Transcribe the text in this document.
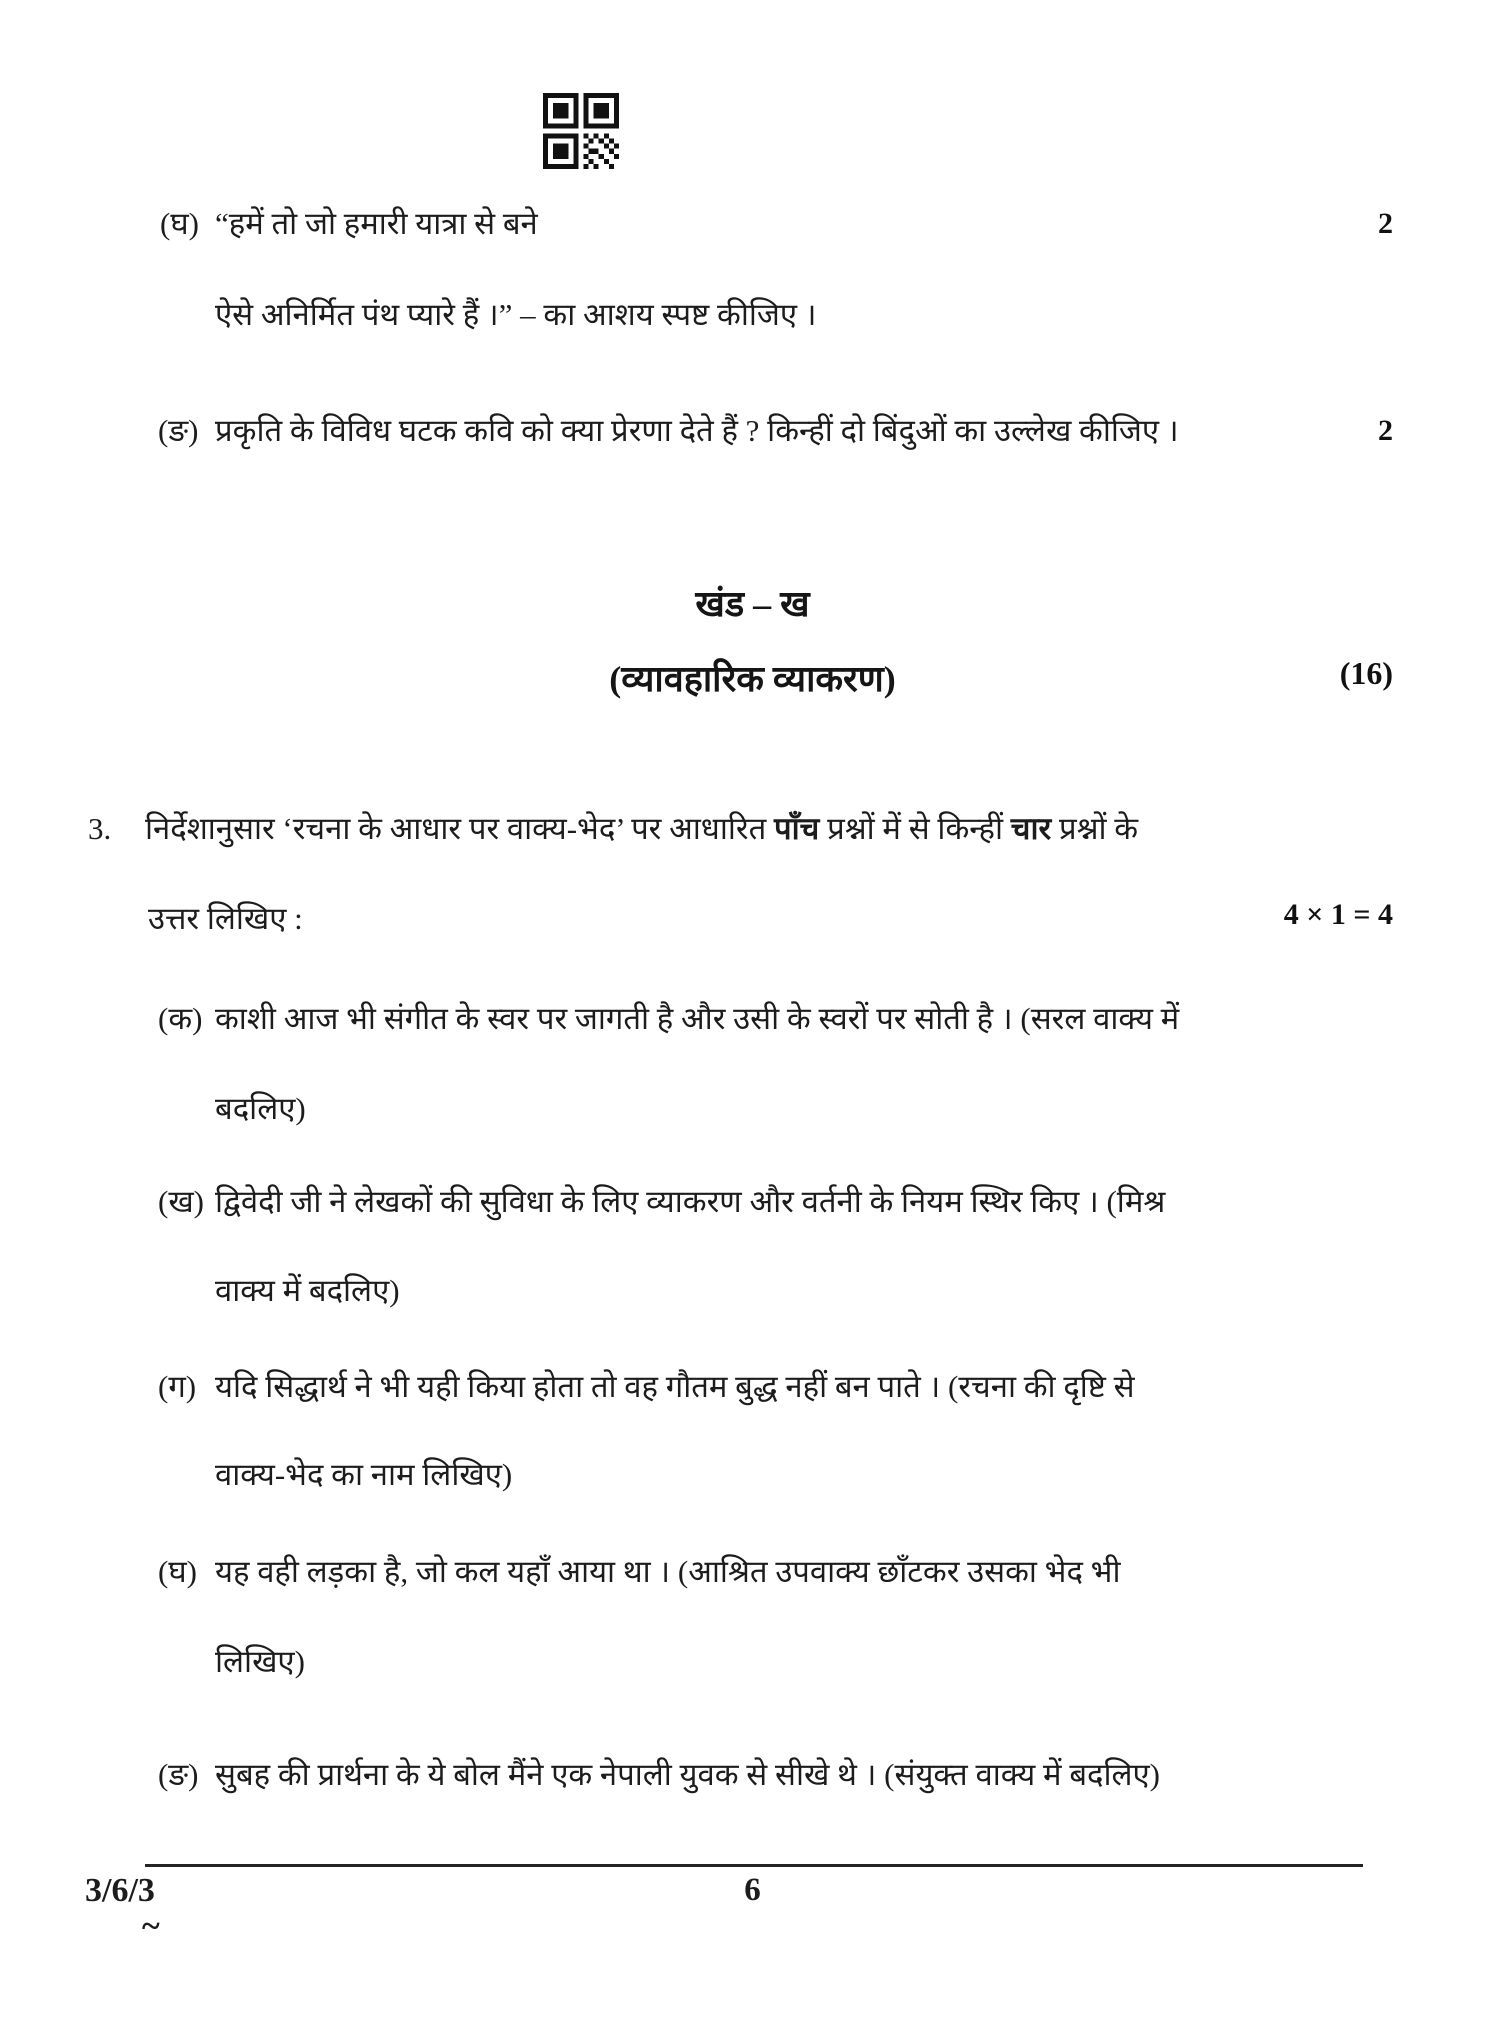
(घ) “हमें तो जो हमारी यात्रा से बने	2
ऐसे अनिर्मित पंथ प्यारे हैं ।” – का आशय स्पष्ट कीजिए ।
(ङ) प्रकृति के विविध घटक कवि को क्या प्रेरणा देते हैं ? किन्हीं दो बिंदुओं का उल्लेख कीजिए ।	2
खंड – ख
(व्यावहारिक व्याकरण)	(16)
3. निर्देशानुसार ‘रचना के आधार पर वाक्य-भेद’ पर आधारित पाँच प्रश्नों में से किन्हीं चार प्रश्नों के
उत्तर लिखिए :	4 × 1 = 4
(क) काशी आज भी संगीत के स्वर पर जागती है और उसी के स्वरों पर सोती है । (सरल वाक्य में
बदलिए)
(ख) द्विवेदी जी ने लेखकों की सुविधा के लिए व्याकरण और वर्तनी के नियम स्थिर किए । (मिश्र
वाक्य में बदलिए)
(ग) यदि सिद्धार्थ ने भी यही किया होता तो वह गौतम बुद्ध नहीं बन पाते । (रचना की दृष्टि से
वाक्य-भेद का नाम लिखिए)
(घ) यह वही लड़का है, जो कल यहाँ आया था । (आश्रित उपवाक्य छाँटकर उसका भेद भी
लिखिए)
(ङ) सुबह की प्रार्थना के ये बोल मैंने एक नेपाली युवक से सीखे थे । (संयुक्त वाक्य में बदलिए)
3/6/3	6
~
